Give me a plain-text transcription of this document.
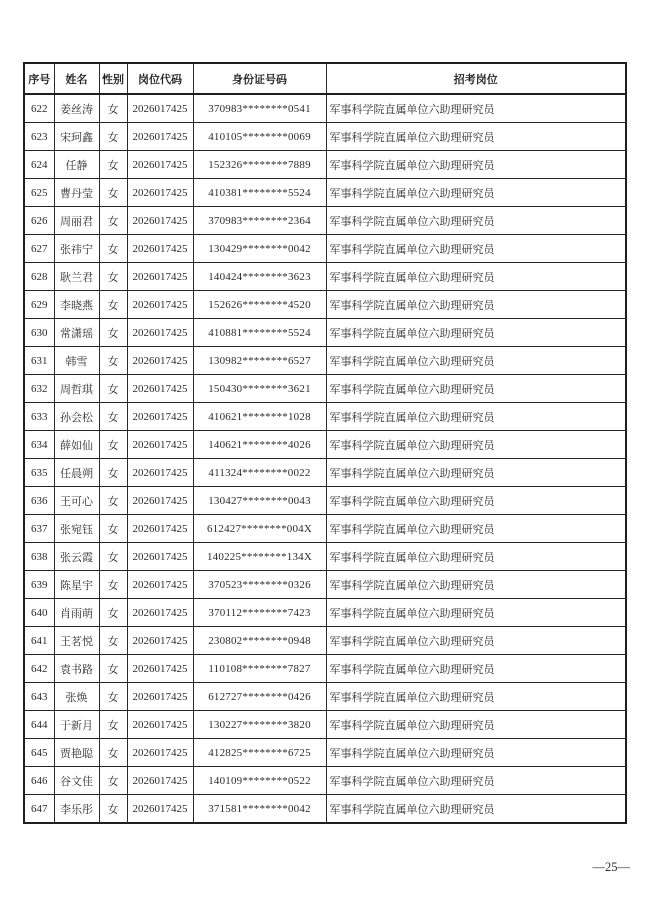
序号	姓名	性别	岗位代码	身份证号码	招考岗位
622	姜丝涛	女	2026017425	370983********0541	军事科学院直属单位六助理研究员
623	宋珂鑫	女	2026017425	410105********0069	军事科学院直属单位六助理研究员
624	任静	女	2026017425	152326********7889	军事科学院直属单位六助理研究员
625	曹丹莹	女	2026017425	410381********5524	军事科学院直属单位六助理研究员
626	周丽君	女	2026017425	370983********2364	军事科学院直属单位六助理研究员
627	张祎宁	女	2026017425	130429********0042	军事科学院直属单位六助理研究员
628	耿兰君	女	2026017425	140424********3623	军事科学院直属单位六助理研究员
629	李晓燕	女	2026017425	152626********4520	军事科学院直属单位六助理研究员
630	常潇瑶	女	2026017425	410881********5524	军事科学院直属单位六助理研究员
631	韩雪	女	2026017425	130982********6527	军事科学院直属单位六助理研究员
632	周哲琪	女	2026017425	150430********3621	军事科学院直属单位六助理研究员
633	孙会松	女	2026017425	410621********1028	军事科学院直属单位六助理研究员
634	薛如仙	女	2026017425	140621********4026	军事科学院直属单位六助理研究员
635	任晨朔	女	2026017425	411324********0022	军事科学院直属单位六助理研究员
636	王可心	女	2026017425	130427********0043	军事科学院直属单位六助理研究员
637	张宛钰	女	2026017425	612427********004X	军事科学院直属单位六助理研究员
638	张云霞	女	2026017425	140225********134X	军事科学院直属单位六助理研究员
639	陈星宇	女	2026017425	370523********0326	军事科学院直属单位六助理研究员
640	肖雨萌	女	2026017425	370112********7423	军事科学院直属单位六助理研究员
641	王茗悦	女	2026017425	230802********0948	军事科学院直属单位六助理研究员
642	袁书路	女	2026017425	110108********7827	军事科学院直属单位六助理研究员
643	张焕	女	2026017425	612727********0426	军事科学院直属单位六助理研究员
644	于新月	女	2026017425	130227********3820	军事科学院直属单位六助理研究员
645	贾艳聪	女	2026017425	412825********6725	军事科学院直属单位六助理研究员
646	谷文佳	女	2026017425	140109********0522	军事科学院直属单位六助理研究员
647	李乐彤	女	2026017425	371581********0042	军事科学院直属单位六助理研究员
—25—
